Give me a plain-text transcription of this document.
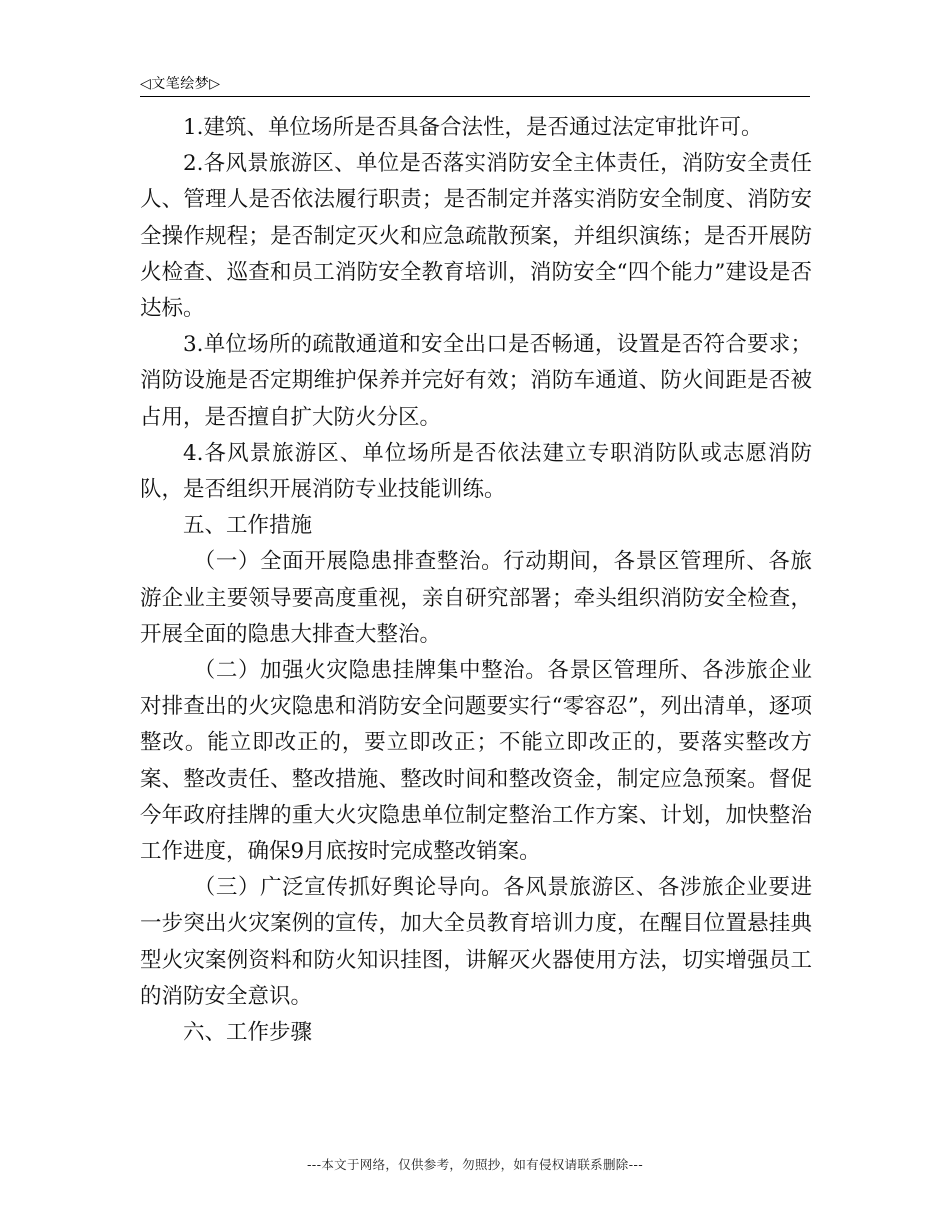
◁文笔绘梦▷

1.建筑、单位场所是否具备合法性，是否通过法定审批许可。

2.各风景旅游区、单位是否落实消防安全主体责任，消防安全责任人、管理人是否依法履行职责；是否制定并落实消防安全制度、消防安全操作规程；是否制定灭火和应急疏散预案，并组织演练；是否开展防火检查、巡查和员工消防安全教育培训，消防安全“四个能力”建设是否达标。

3.单位场所的疏散通道和安全出口是否畅通，设置是否符合要求；消防设施是否定期维护保养并完好有效；消防车通道、防火间距是否被占用，是否擅自扩大防火分区。

4.各风景旅游区、单位场所是否依法建立专职消防队或志愿消防队，是否组织开展消防专业技能训练。

五、工作措施

（一）全面开展隐患排查整治。行动期间，各景区管理所、各旅游企业主要领导要高度重视，亲自研究部署；牵头组织消防安全检查，开展全面的隐患大排查大整治。

（二）加强火灾隐患挂牌集中整治。各景区管理所、各涉旅企业对排查出的火灾隐患和消防安全问题要实行“零容忍”，列出清单，逐项整改。能立即改正的，要立即改正；不能立即改正的，要落实整改方案、整改责任、整改措施、整改时间和整改资金，制定应急预案。督促今年政府挂牌的重大火灾隐患单位制定整治工作方案、计划，加快整治工作进度，确保9月底按时完成整改销案。

（三）广泛宣传抓好舆论导向。各风景旅游区、各涉旅企业要进一步突出火灾案例的宣传，加大全员教育培训力度，在醒目位置悬挂典型火灾案例资料和防火知识挂图，讲解灭火器使用方法，切实增强员工的消防安全意识。

六、工作步骤

---本文于网络，仅供参考，勿照抄，如有侵权请联系删除---
